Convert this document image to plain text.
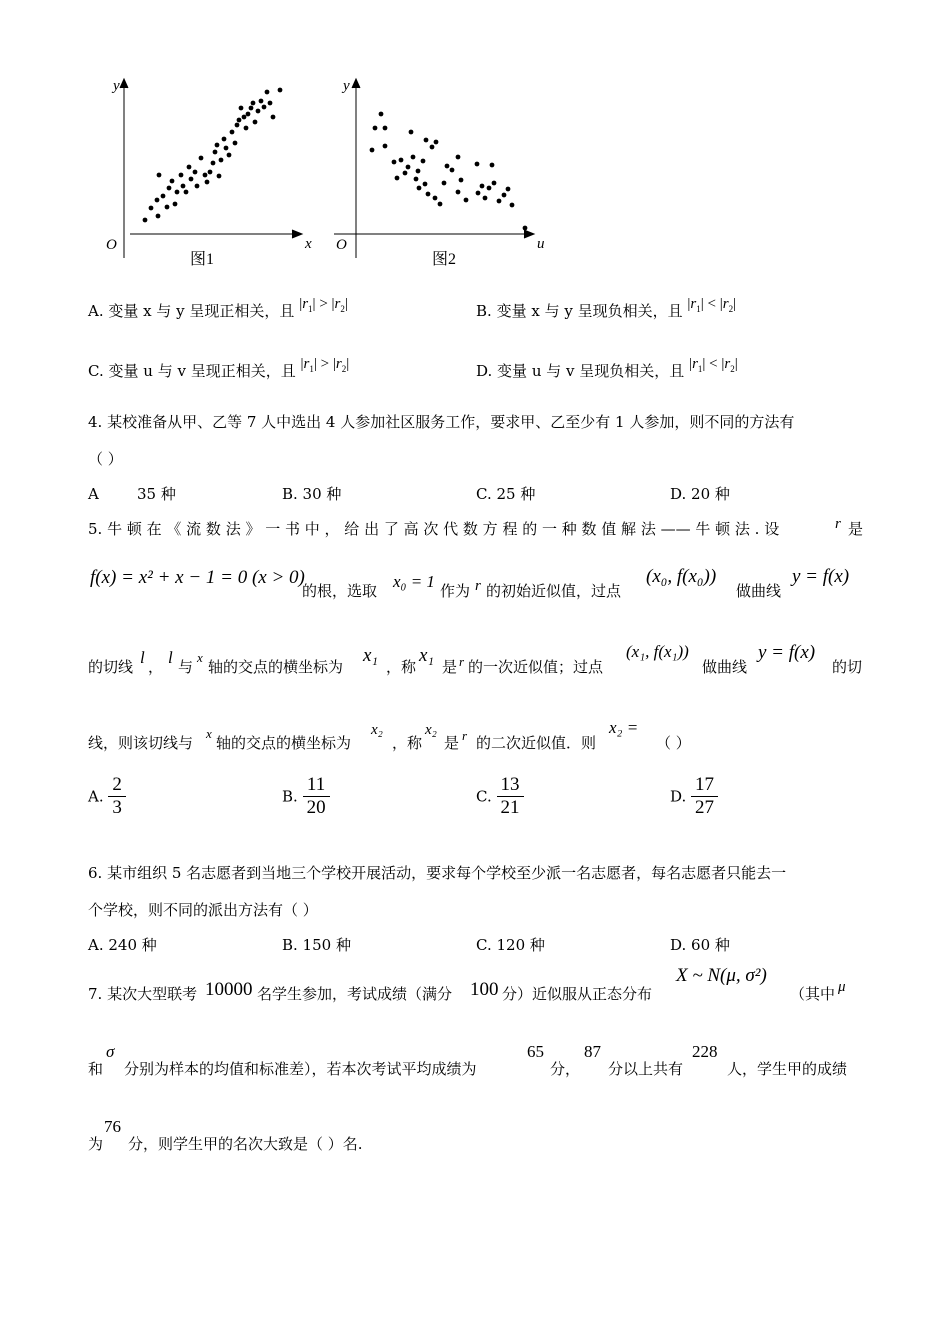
y
O	x
图1
y
O	u
图2
A. 变量 x 与 y 呈现正相关，且 $|r_1| > |r_2|$	B. 变量 x 与 y 呈现负相关，且 $|r_1| < |r_2|$
C. 变量 u 与 v 呈现正相关，且 $|r_1| > |r_2|$	D. 变量 u 与 v 呈现负相关，且 $|r_1| < |r_2|$
4. 某校准备从甲、乙等 7 人中选出 4 人参加社区服务工作，要求甲、乙至少有 1 人参加，则不同的方法有
（ ）
A        35 种	B. 30 种	C. 25 种	D. 20 种
5. 牛 顿 在 《 流 数 法 》 一 书 中 ， 给 出 了 高 次 代 数 方 程 的 一 种 数 值 解 法 —— 牛 顿 法 . 设	r 是
f(x) = x² + x − 1 = 0 (x > 0)
的根，选取 x₀ = 1 作为 r 的初始近似值，过点
(x₀, f(x₀))
做曲线
y = f(x)
的切线 l ， l 与
x
轴的交点的横坐标为
x₁
，称
x₁
是 r 的一次近似值；过点
(x₁, f(x₁))
做曲线
y = f(x)
的切
线，则该切线与
x
轴的交点的横坐标为
x₂
，称
x₂
是 r 的二次近似值．则
x₂ =
（ ）
A. $\frac{2}{3}$	B. $\frac{11}{20}$	C. $\frac{13}{21}$	D. $\frac{17}{27}$
6. 某市组织 5 名志愿者到当地三个学校开展活动，要求每个学校至少派一名志愿者，每名志愿者只能去一
个学校，则不同的派出方法有（ ）
A. 240 种	B. 150 种	C. 120 种	D. 60 种
7. 某次大型联考 10000 名学生参加，考试成绩（满分 100 分）近似服从正态分布
X ~ N(μ, σ²)
（其中 μ
和
σ
分别为样本的均值和标准差），若本次考试平均成绩为
65
分，
87
分以上共有
228
人，学生甲的成绩
为
76
分，则学生甲的名次大致是（ ）名.
